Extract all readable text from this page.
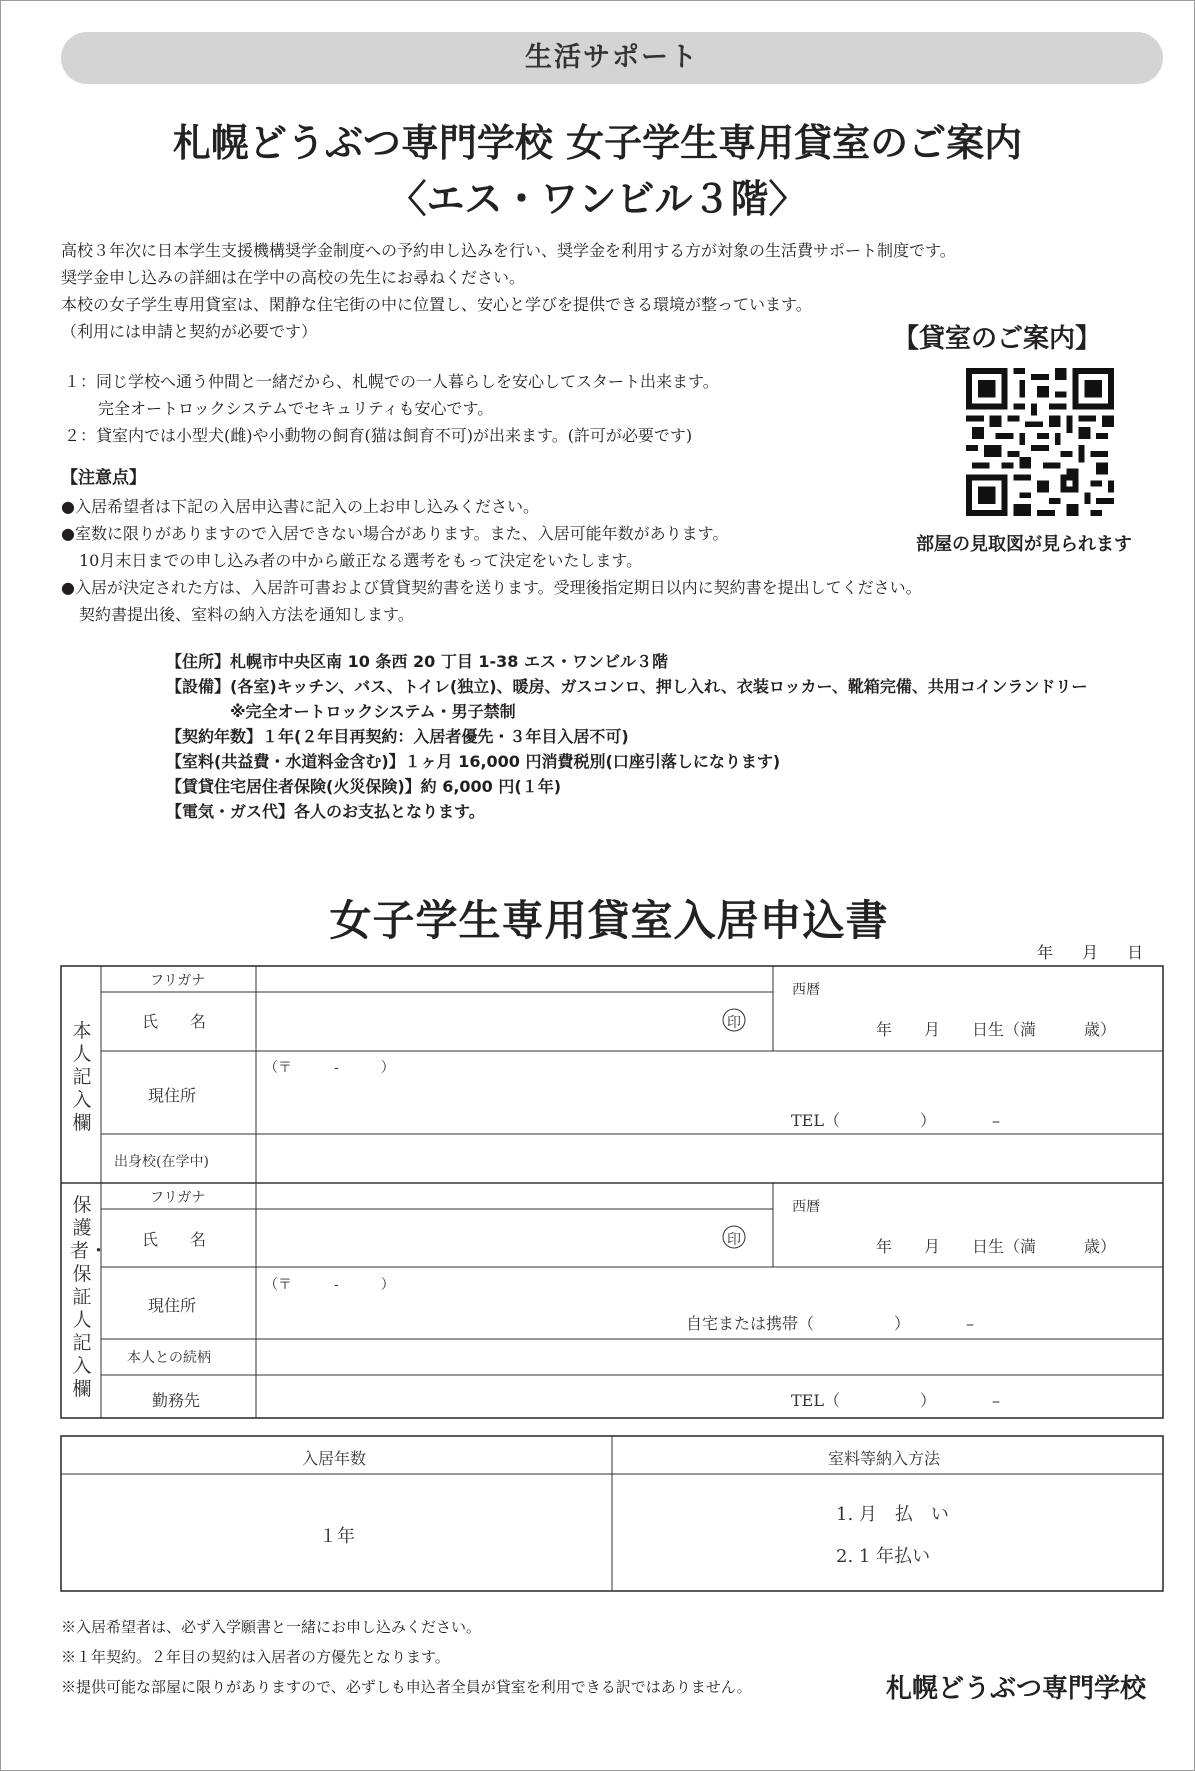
生活サポート
札幌どうぶつ専門学校 女子学生専用貸室のご案内
〈エス・ワンビル３階〉
高校３年次に日本学生支援機構奨学金制度への予約申し込みを行い、奨学金を利用する方が対象の生活費サポート制度です。
奨学金申し込みの詳細は在学中の高校の先生にお尋ねください。
本校の女子学生専用貸室は、閑静な住宅街の中に位置し、安心と学びを提供できる環境が整っています。
（利用には申請と契約が必要です）
１：同じ学校へ通う仲間と一緒だから、札幌での一人暮らしを安心してスタート出来ます。
完全オートロックシステムでセキュリティも安心です。
２：貸室内では小型犬(雌)や小動物の飼育(猫は飼育不可)が出来ます。(許可が必要です)
【注意点】
●入居希望者は下記の入居申込書に記入の上お申し込みください。
●室数に限りがありますので入居できない場合があります。また、入居可能年数があります。
10月末日までの申し込み者の中から厳正なる選考をもって決定をいたします。
●入居が決定された方は、入居許可書および賃貸契約書を送ります。受理後指定期日以内に契約書を提出してください。
契約書提出後、室料の納入方法を通知します。
【貸室のご案内】
部屋の見取図が見られます
【住所】札幌市中央区南 10 条西 20 丁目 1-38 エス・ワンビル３階
【設備】(各室)キッチン、バス、トイレ(独立)、暖房、ガスコンロ、押し入れ、衣装ロッカー、靴箱完備、共用コインランドリー
※完全オートロックシステム・男子禁制
【契約年数】１年(２年目再契約：入居者優先・３年目入居不可)
【室料(共益費・水道料金含む)】１ヶ月 16,000 円消費税別(口座引落しになります)
【賃貸住宅居住者保険(火災保険)】約 6,000 円(１年)
【電気・ガス代】各人のお支払となります。
女子学生専用貸室入居申込書
年 月 日
本人記入欄
フリガナ
氏　　名	印
西暦
年　　月　　日生（満　　　歳）
現住所
（〒　　　-　　　）
TEL（　　　　　）　　　　–
出身校(在学中)
保護者・保証人記入欄
フリガナ
氏　　名	印
西暦
年　　月　　日生（満　　　歳）
現住所
（〒　　　-　　　）
自宅または携帯（　　　　　）　　　　–
本人との続柄
勤務先	TEL（　　　　　）　　　　–
入居年数	室料等納入方法
１年
1. 月　払　い
2. 1 年払い
※入居希望者は、必ず入学願書と一緒にお申し込みください。
※１年契約。２年目の契約は入居者の方優先となります。
※提供可能な部屋に限りがありますので、必ずしも申込者全員が貸室を利用できる訳ではありません。	札幌どうぶつ専門学校
